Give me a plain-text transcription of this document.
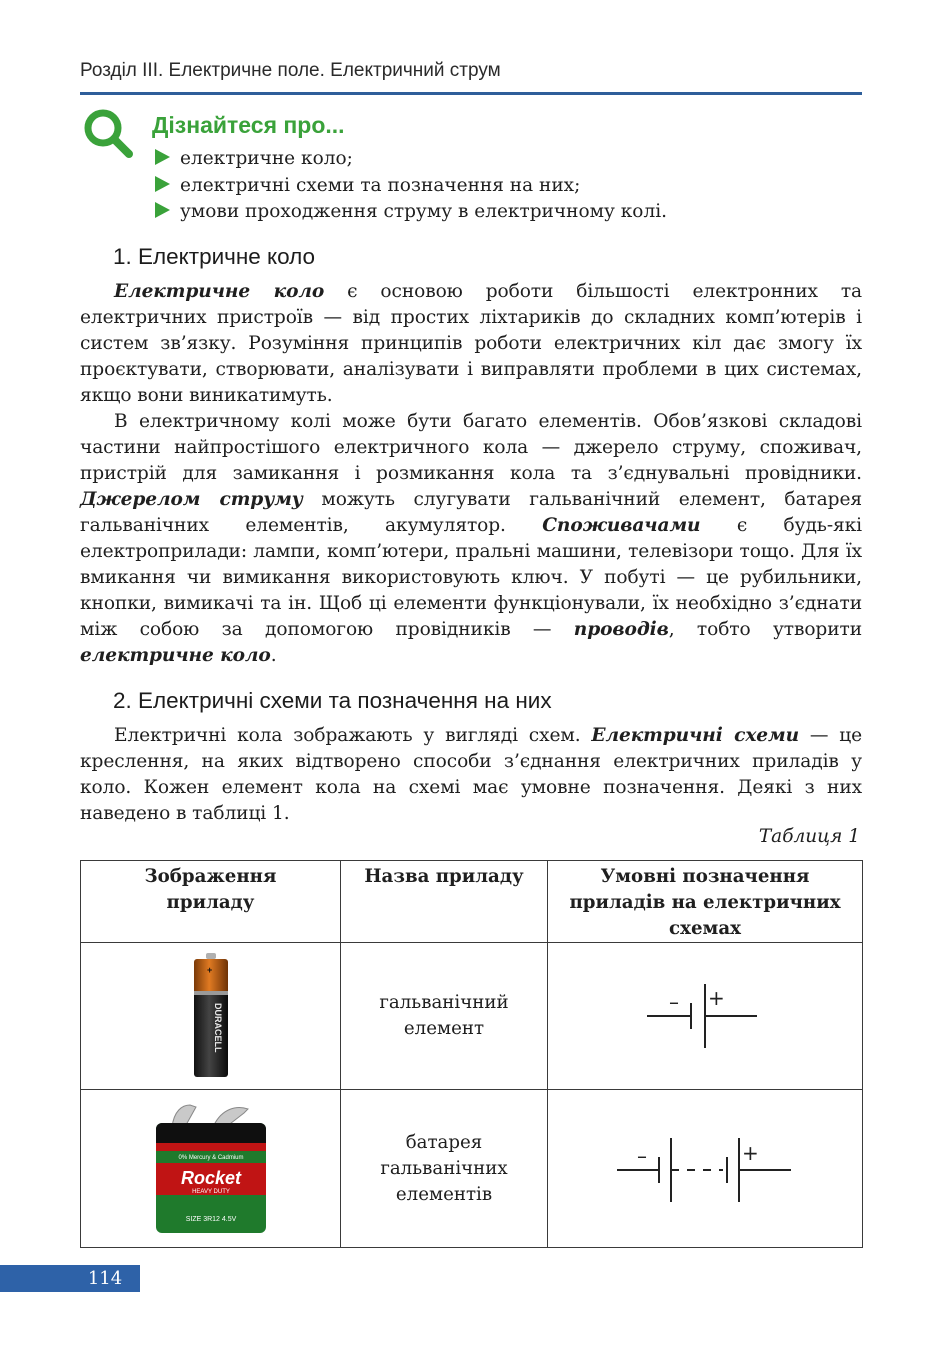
Розділ III. Електричне поле. Електричний струм
Дізнайтеся про...
електричне коло;
електричні схеми та позначення на них;
умови проходження струму в електричному колі.
1. Електричне коло

Електричне коло є основою роботи більшості електронних та електричних пристроїв — від простих ліхтариків до складних комп’ютерів і систем зв’язку. Розуміння принципів роботи електричних кіл дає змогу їх проєктувати, створювати, аналізувати і виправляти проблеми в цих системах, якщо вони виникатимуть.

В електричному колі може бути багато елементів. Обов’язкові складові частини найпростішого електричного кола — джерело струму, споживач, пристрій для замикання і розмикання кола та з’єднувальні провідники. Джерелом струму можуть слугувати гальванічний елемент, батарея гальванічних елементів, акумулятор. Споживачами є будь-які електроприлади: лампи, комп’ютери, пральні машини, телевізори тощо. Для їх вмикання чи вимикання використовують ключ. У побуті — це рубильники, кнопки, вимикачі та ін. Щоб ці елементи функціонували, їх необхідно з’єднати між собою за допомогою провідників — проводів, тобто утворити електричне коло.

2. Електричні схеми та позначення на них

Електричні кола зображають у вигляді схем. Електричні схеми — це креслення, на яких відтворено способи з’єднання електричних приладів у коло. Кожен елемент кола на схемі має умовне позначення. Деякі з них наведено в таблиці 1.

Таблиця 1
Зображення приладу	Назва приладу	Умовні позначення приладів на електричних схемах

+
DURACELL	гальванічний елемент	– +

0% Mercury & Cadmium
Rocket
HEAVY DUTY
SIZE 3R12 4.5V	батарея гальванічних елементів	– +
114
